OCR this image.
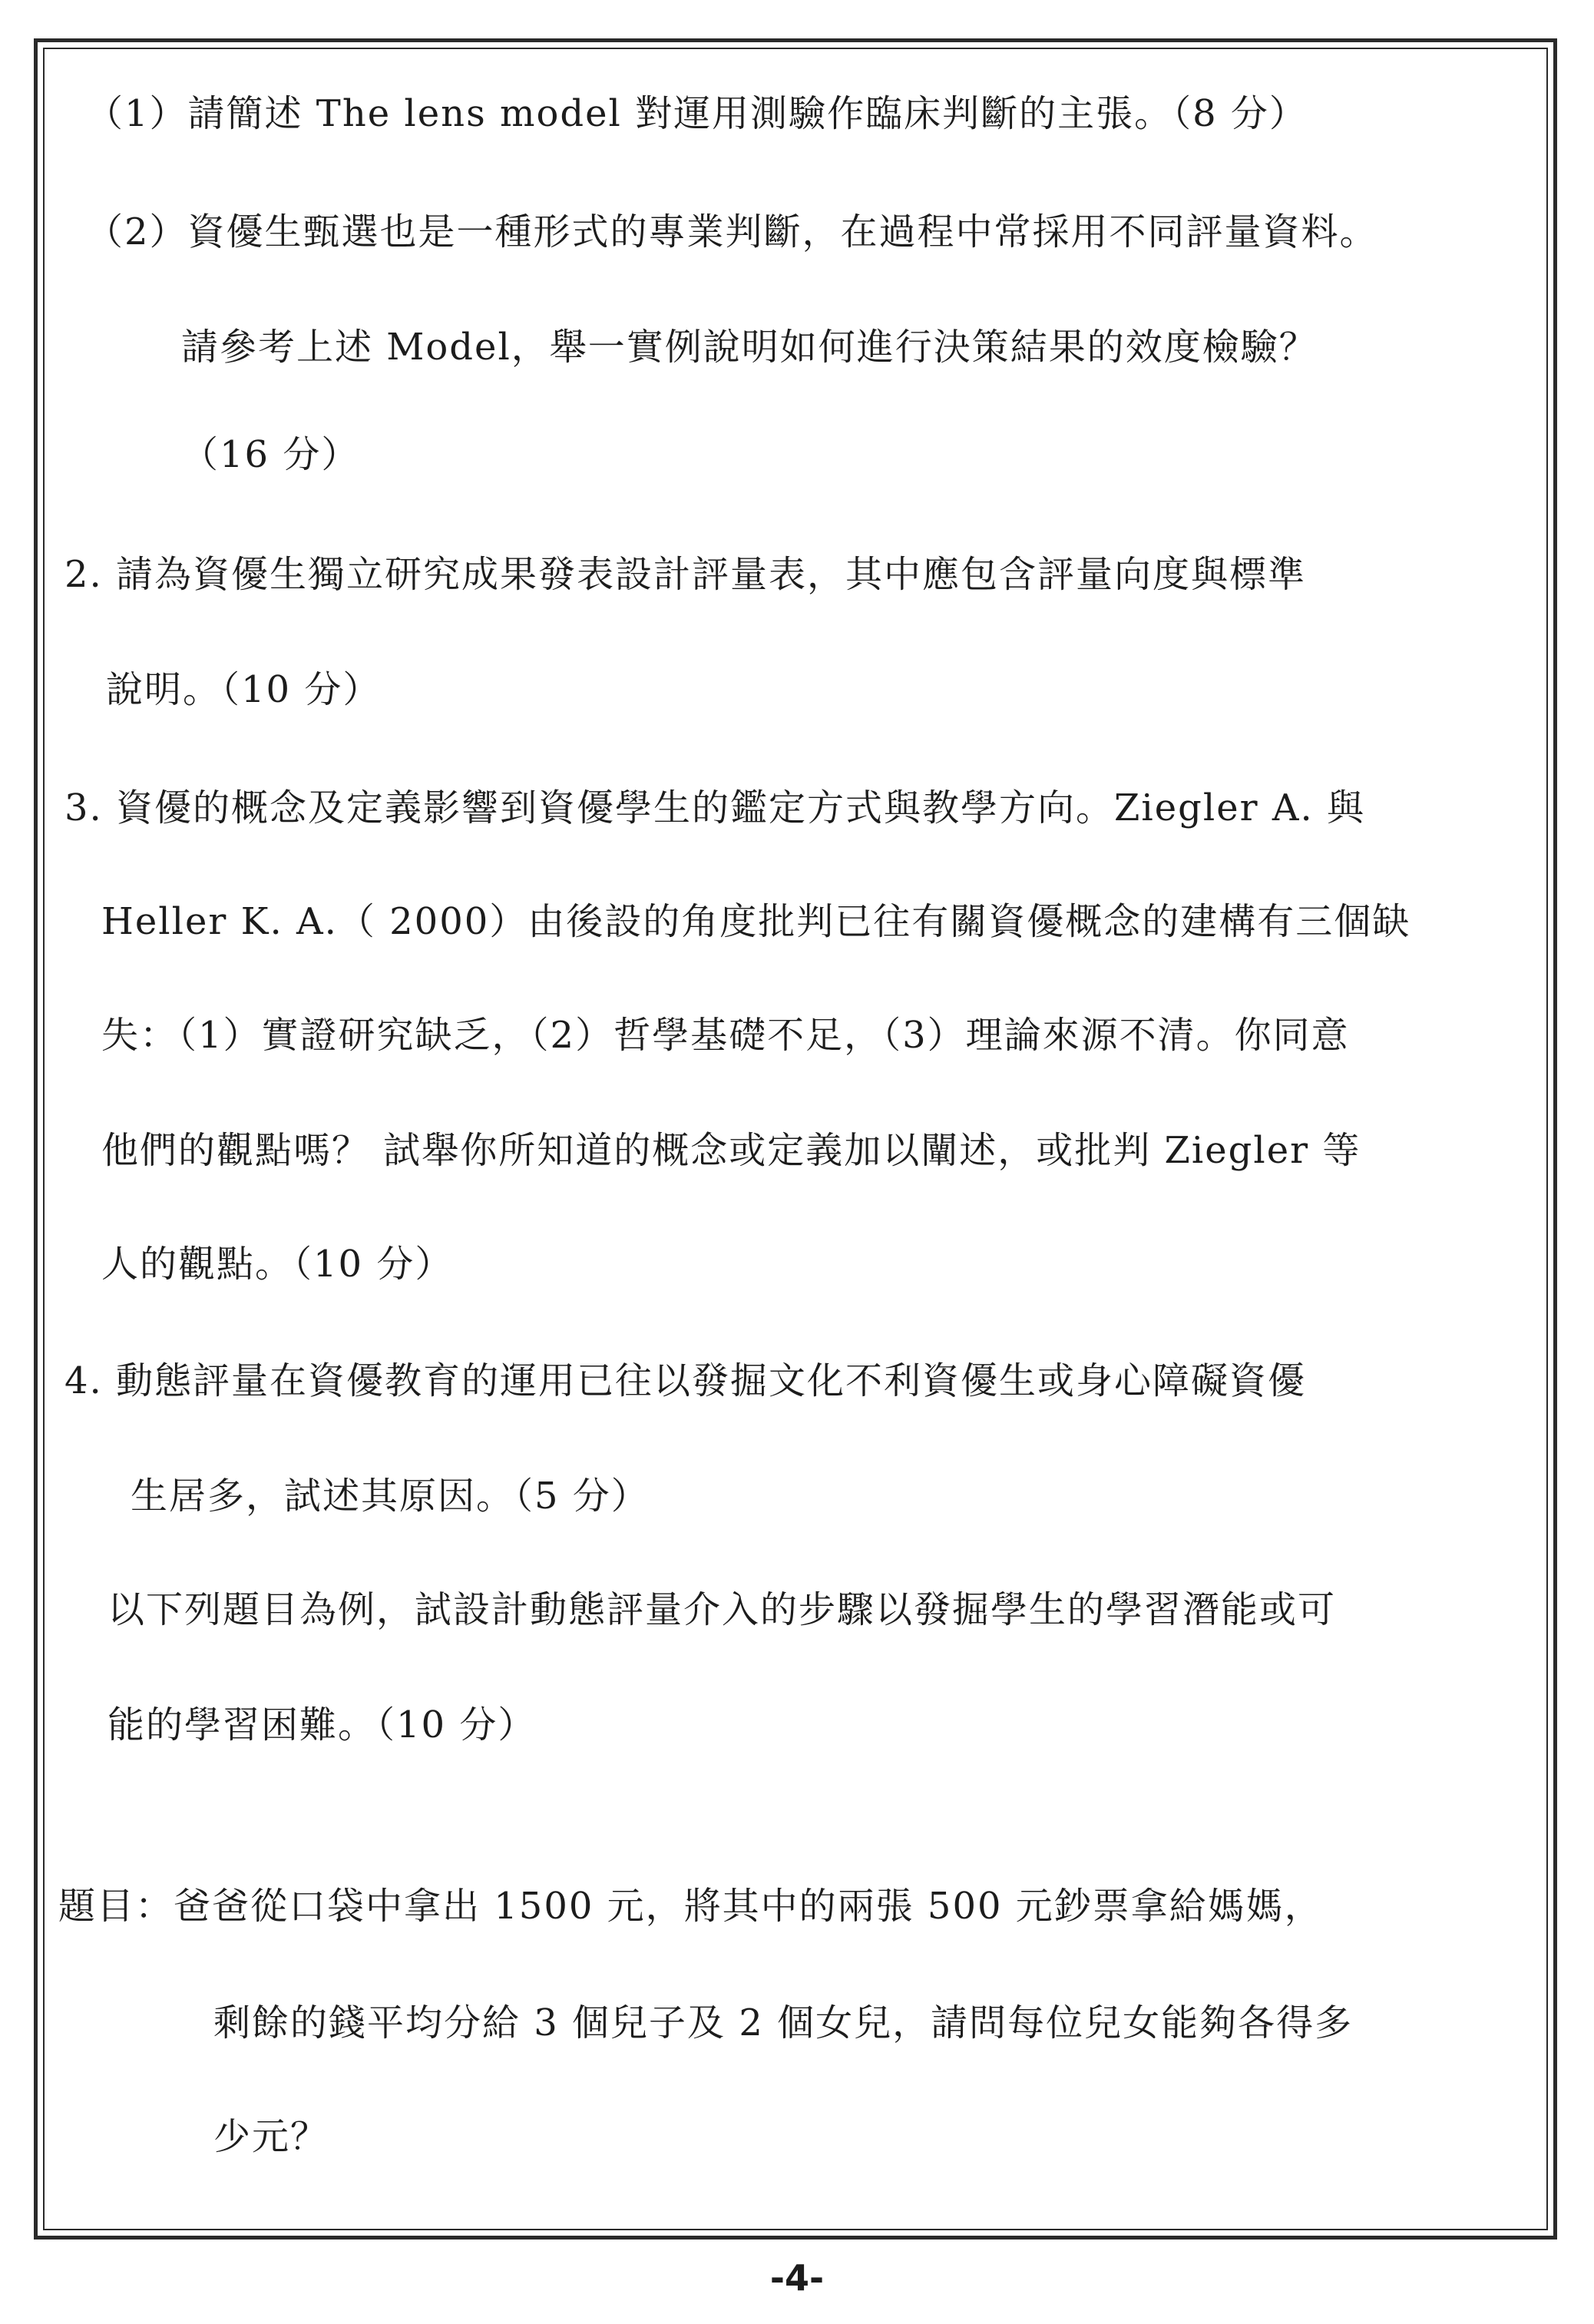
（1）請簡述 The lens model 對運用測驗作臨床判斷的主張。（8 分）
（2）資優生甄選也是一種形式的專業判斷，在過程中常採用不同評量資料。
請參考上述 Model，舉一實例說明如何進行決策結果的效度檢驗？
（16 分）
2. 請為資優生獨立研究成果發表設計評量表，其中應包含評量向度與標準
說明。（10 分）
3. 資優的概念及定義影響到資優學生的鑑定方式與教學方向。Ziegler A. 與
Heller K. A.（ 2000）由後設的角度批判已往有關資優概念的建構有三個缺
失：（1）實證研究缺乏，（2）哲學基礎不足，（3）理論來源不清。你同意
他們的觀點嗎？ 試舉你所知道的概念或定義加以闡述，或批判 Ziegler 等
人的觀點。（10 分）
4. 動態評量在資優教育的運用已往以發掘文化不利資優生或身心障礙資優
生居多，試述其原因。（5 分）
以下列題目為例，試設計動態評量介入的步驟以發掘學生的學習潛能或可
能的學習困難。（10 分）
題目：爸爸從口袋中拿出 1500 元，將其中的兩張 500 元鈔票拿給媽媽，
剩餘的錢平均分給 3 個兒子及 2 個女兒，請問每位兒女能夠各得多
少元？
-4-
